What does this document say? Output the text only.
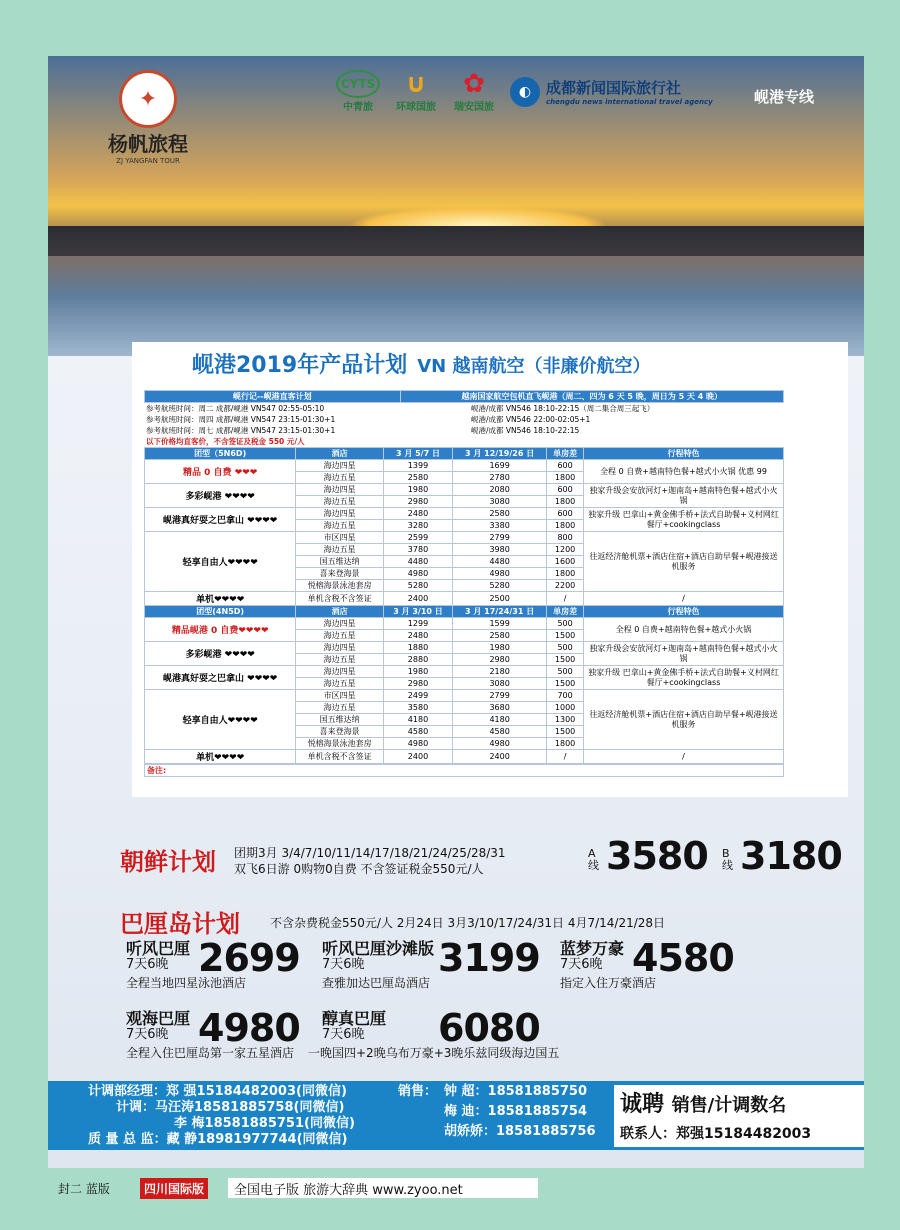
✦
杨帆旅程
ZJ YANGFAN TOUR
CYTS
中青旅
∪
环球国旅
✿
瑞安国旅
◐ 成都新闻国际旅行社
chengdu news international travel agency	岘港专线
岘港2019年产品计划 VN 越南航空（非廉价航空）
岘行记--岘港直客计划	越南国家航空包机直飞岘港（周二、四为 6 天 5 晚，周日为 5 天 4 晚）
参考航班时间：周二 成都/岘港 VN547 02:55-05:10	岘港/成都 VN546 18:10-22:15（周二集合周三起飞）
参考航班时间：周四 成都/岘港 VN547 23:15-01:30+1	岘港/成都 VN546 22:00-02:05+1
参考航班时间：周七 成都/岘港 VN547 23:15-01:30+1	岘港/成都 VN546 18:10-22:15
以下价格均直客价，不含签证及税金 550 元/人	
团型（5N6D)	酒店	3 月 5/7 日	3 月 12/19/26 日	单房差	行程特色
精品 0 自费 ❤❤❤	海边四星	1399	1699	600	全程 0 自费+越南特色餐+越式小火锅 优惠 99
	海边五星	2580	2780	1800	
多彩岘港 ❤❤❤❤	海边四星	1980	2080	600	独家升级会安放河灯+迦南岛+越南特色餐+越式小火锅
	海边五星	2980	3080	1800	
岘港真好耍之巴拿山 ❤❤❤❤	海边四星	2480	2580	600	独家升级 巴拿山+黄金佛手桥+法式自助餐+义村网红餐厅+cookingclass
	海边五星	3280	3380	1800	
轻享自由人❤❤❤❤	市区四星	2599	2799	800	往返经济舱机票+酒店住宿+酒店自助早餐+岘港接送机服务
	海边五星	3780	3980	1200	
	国五维达纳	4480	4480	1600	
	喜来登海景	4980	4980	1800	
	悦榕海景泳池套房	5280	5280	2200	
单机❤❤❤❤	单机含税不含签证	2400	2500	/	/
团型(4N5D)	酒店	3 月 3/10 日	3 月 17/24/31 日	单房差	行程特色
精品岘港 0 自费❤❤❤❤	海边四星	1299	1599	500	全程 0 自费+越南特色餐+越式小火锅
	海边五星	2480	2580	1500	
多彩岘港 ❤❤❤❤	海边四星	1880	1980	500	独家升级会安放河灯+迦南岛+越南特色餐+越式小火锅
	海边五星	2880	2980	1500	
岘港真好耍之巴拿山 ❤❤❤❤	海边四星	1980	2180	500	独家升级 巴拿山+黄金佛手桥+法式自助餐+义村网红餐厅+cookingclass
	海边五星	2980	3080	1500	
轻享自由人❤❤❤❤	市区四星	2499	2799	700	往返经济舱机票+酒店住宿+酒店自助早餐+岘港接送机服务
	海边五星	3580	3680	1000	
	国五维达纳	4180	4180	1300	
	喜来登海景	4580	4580	1500	
	悦榕海景泳池套房	4980	4980	1800	
单机❤❤❤❤	单机含税不含签证	2400	2400	/	/
备注:
朝鲜计划 团期3月 3/4/7/10/11/14/17/18/21/24/25/28/31
双飞6日游 0购物0自费 不含签证税金550元/人
A线 3580 B线 3180
巴厘岛计划	不含杂费税金550元/人 2月24日 3月3/10/17/24/31日 4月7/14/21/28日
听风巴厘
7天6晚 2699
全程当地四星泳池酒店
听风巴厘沙滩版
7天6晚	3199
查雅加达巴厘岛酒店
蓝梦万豪
7天6晚 4580
指定入住万豪酒店
观海巴厘
7天6晚 4980
全程入住巴厘岛第一家五星酒店
醇真巴厘
7天6晚	6080
一晚国四+2晚乌布万豪+3晚乐兹同级海边国五
计调部经理：郑 强15184482003(同微信)
计调：马汪涛18581885758(同微信)
李 梅18581885751(同微信)
质 量 总 监：藏 静18981977744(同微信)
销售： 钟 超：18581885750
梅 迪：18581885754
胡娇娇：18581885756
诚聘 销售/计调数名
联系人：郑强15184482003
封二 蓝版	四川国际版	全国电子版 旅游大辞典 www.zyoo.net
